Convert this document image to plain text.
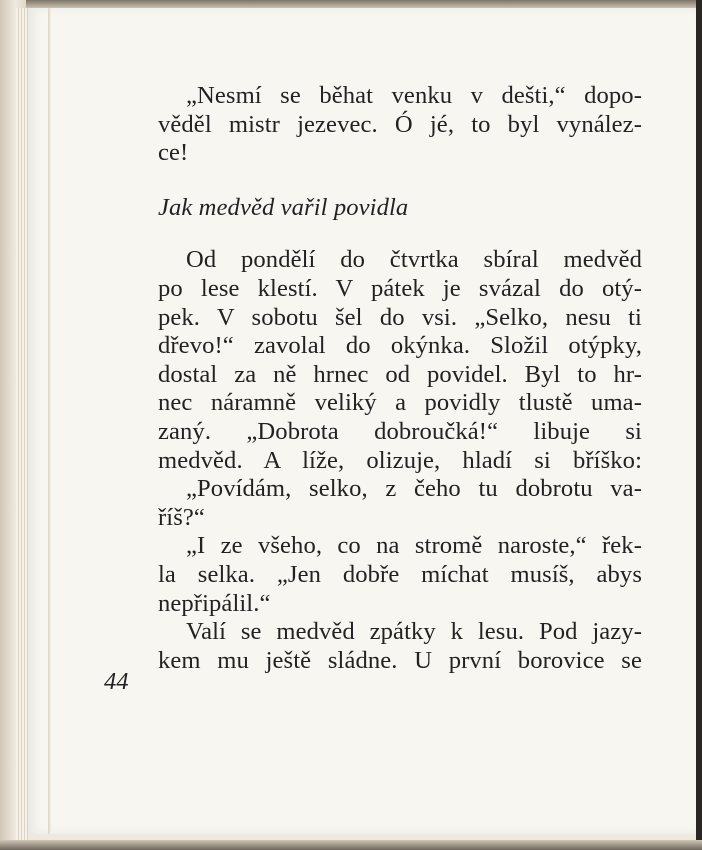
44
„Nesmí se běhat venku v dešti,“ dopo-
věděl mistr jezevec. Ó jé, to byl vynález-
ce!
Jak medvěd vařil povidla
Od pondělí do čtvrtka sbíral medvěd
po lese klestí. V pátek je svázal do otý-
pek. V sobotu šel do vsi. „Selko, nesu ti
dřevo!“ zavolal do okýnka. Složil otýpky,
dostal za ně hrnec od povidel. Byl to hr-
nec náramně veliký a povidly tlustě uma-
zaný. „Dobrota dobroučká!“ libuje si
medvěd. A líže, olizuje, hladí si bříško:
„Povídám, selko, z čeho tu dobrotu va-
říš?“
„I ze všeho, co na stromě naroste,“ řek-
la selka. „Jen dobře míchat musíš, abys
nepřipálil.“
Valí se medvěd zpátky k lesu. Pod jazy-
kem mu ještě sládne. U první borovice se
